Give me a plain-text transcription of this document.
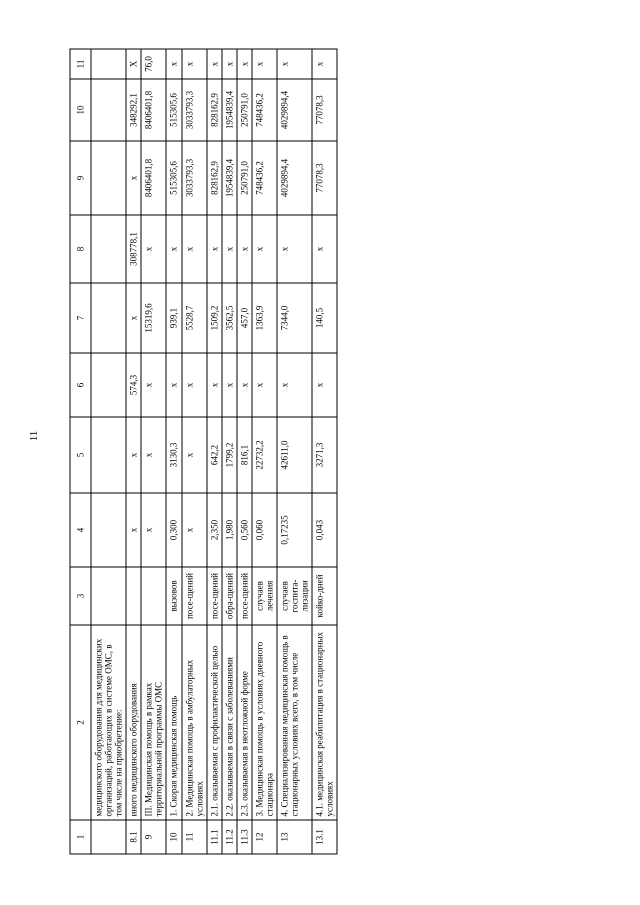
11
1	2	3	4	5	6	7	8	9	10	11
	медицинского оборудования для медицинских организаций, работающих в системе ОМС, в том числе на приобретение:									
8.1	иного медицинского оборудования		х	х	574,3	х	308778,1	х	348292,1	Х
9	III. Медицинская помощь в рамках территориальной программы ОМС		х	х	х	15319,6	х	8406401,8	8406401,8	76,0
10	1. Скорая медицинская помощь	вызовов	0,300	3130,3	х	939,1	х	515305,6	515305,6	х
11	2. Медицинская помощь в амбулаторных условиях	посе-щений	х	х	х	5528,7	х	3033793,3	3033793,3	х
11.1	2.1. оказываемая с профилактической целью	посе-щений	2,350	642,2	х	1509,2	х	828162,9	828162,9	х
11.2	2.2. оказываемая в связи с заболеваниями	обра-щений	1,980	1799,2	х	3562,5	х	1954839,4	1954839,4	х
11.3	2.3. оказываемая в неотложной форме	посе-щений	0,560	816,1	х	457,0	х	250791,0	250791,0	х
12	3. Медицинская помощь в условиях дневного стационара	случаев лечения	0,060	22732,2	х	1363,9	х	748436,2	748436,2	х
13	4. Специализированная медицинская помощь в стационарных условиях всего, в том числе	случаев госпита-лизации	0,17235	42611,0	х	7344,0	х	4029894,4	4029894,4	х
13.1	4.1. медицинская реабилитация в стационарных условиях	койко-дней	0,043	3271,3	х	140,5	х	77078,3	77078,3	х
